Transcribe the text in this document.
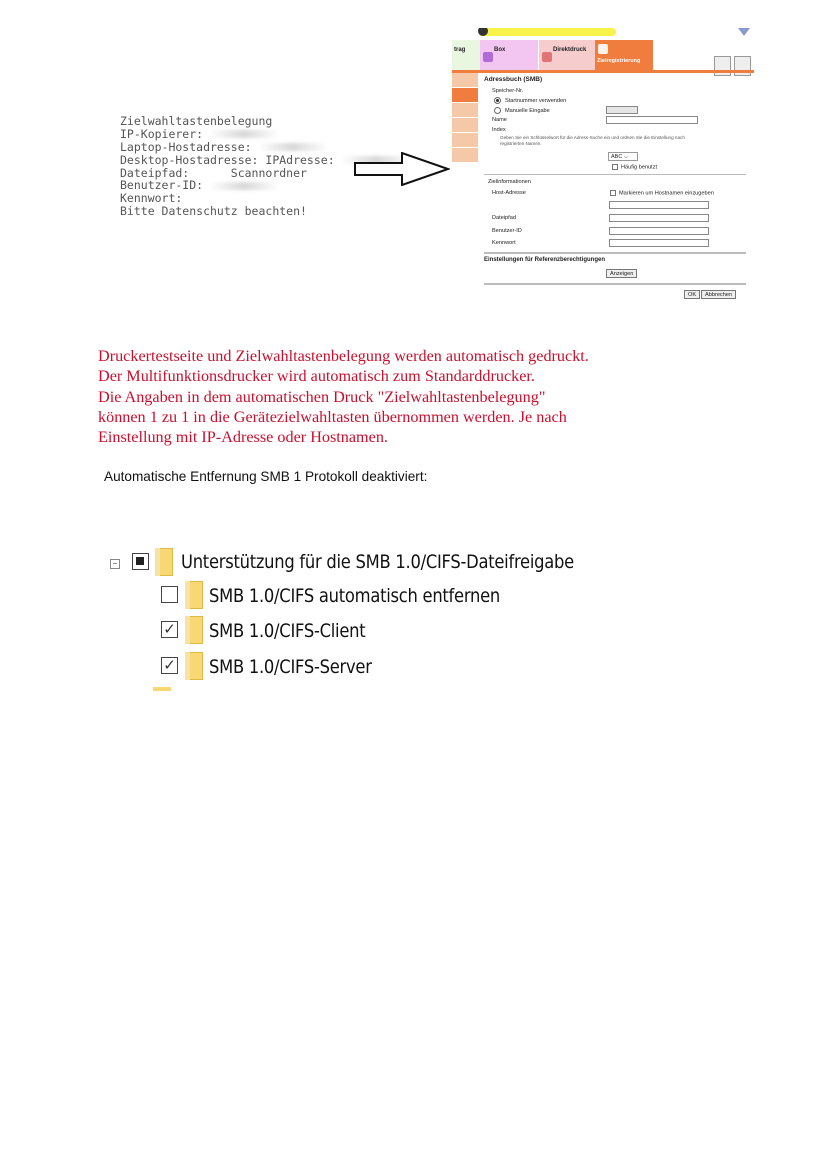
Zielwahltastenbelegung
IP-Kopierer:
Laptop-Hostadresse:
Desktop-Hostadresse: IPAdresse:
Dateipfad:      Scannordner
Benutzer-ID:
Kennwort:
Bitte Datenschutz beachten!
trag	Box	Direktdruck
Zielregistrierung
Adressbuch (SMB)
Speicher-Nr.
Startnummer verwenden
Manuelle Eingabe
Name
Index
Geben Sie ein Schlüsselwort für die Adress-Suche ein und ordnen Sie die Einstellung nach
registrierten Namen.
ABC ⌵
Häufig benutzt
Zielinformationen
Host-Adresse	Markieren um Hostnamen einzugeben
Dateipfad
Benutzer-ID
Kennwort
Einstellungen für Referenzberechtigungen
Anzeigen
OK	Abbrechen
Druckertestseite und Zielwahltastenbelegung werden automatisch gedruckt.
Der Multifunktionsdrucker wird automatisch zum Standarddrucker.
Die Angaben in dem automatischen Druck "Zielwahltastenbelegung"
können 1 zu 1 in die Gerätezielwahltasten übernommen werden. Je nach
Einstellung mit IP-Adresse oder Hostnamen.
Automatische Entfernung SMB 1 Protokoll deaktiviert:
–	Unterstützung für die SMB 1.0/CIFS-Dateifreigabe
SMB 1.0/CIFS automatisch entfernen
✓ SMB 1.0/CIFS-Client
✓ SMB 1.0/CIFS-Server
